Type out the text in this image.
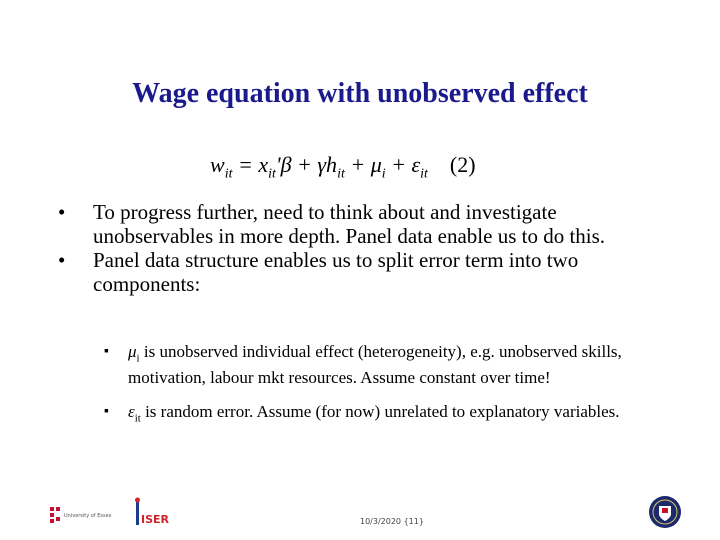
Wage equation with unobserved effect
$w_{it} = x_{it}'\beta + \gamma h_{it} + \mu_i + \varepsilon_{it}$ (2)
• To progress further, need to think about and investigate unobservables in more depth. Panel data enable us to do this.
• Panel data structure enables us to split error term into two components:
▪ $\mu_i$ is unobserved individual effect (heterogeneity), e.g. unobserved skills, motivation, labour mkt resources. Assume constant over time!
▪ $\varepsilon_{it}$ is random error. Assume (for now) unrelated to explanatory variables.
University of Essex	ISER	10/3/2020 {11}
